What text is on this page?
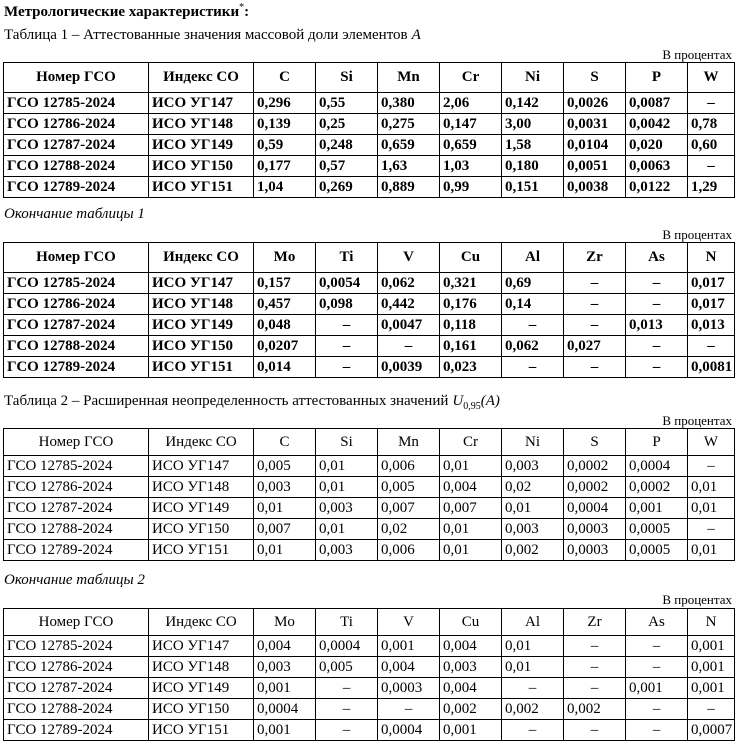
Метрологические характеристики*:
Таблица 1 – Аттестованные значения массовой доли элементов A
В процентах
Номер ГСО	Индекс СО	C	Si	Mn	Cr	Ni	S	P	W
ГСО 12785-2024	ИСО УГ147	0,296	0,55	0,380	2,06	0,142	0,0026	0,0087	–
ГСО 12786-2024	ИСО УГ148	0,139	0,25	0,275	0,147	3,00	0,0031	0,0042	0,78
ГСО 12787-2024	ИСО УГ149	0,59	0,248	0,659	0,659	1,58	0,0104	0,020	0,60
ГСО 12788-2024	ИСО УГ150	0,177	0,57	1,63	1,03	0,180	0,0051	0,0063	–
ГСО 12789-2024	ИСО УГ151	1,04	0,269	0,889	0,99	0,151	0,0038	0,0122	1,29
Окончание таблицы 1
В процентах
Номер ГСО	Индекс СО	Mo	Ti	V	Cu	Al	Zr	As	N
ГСО 12785-2024	ИСО УГ147	0,157	0,0054	0,062	0,321	0,69	–	–	0,017
ГСО 12786-2024	ИСО УГ148	0,457	0,098	0,442	0,176	0,14	–	–	0,017
ГСО 12787-2024	ИСО УГ149	0,048	–	0,0047	0,118	–	–	0,013	0,013
ГСО 12788-2024	ИСО УГ150	0,0207	–	–	0,161	0,062	0,027	–	–
ГСО 12789-2024	ИСО УГ151	0,014	–	0,0039	0,023	–	–	–	0,0081
Таблица 2 – Расширенная неопределенность аттестованных значений $U_{0,95}(A)$
В процентах
Номер ГСО	Индекс СО	C	Si	Mn	Cr	Ni	S	P	W
ГСО 12785-2024	ИСО УГ147	0,005	0,01	0,006	0,01	0,003	0,0002	0,0004	–
ГСО 12786-2024	ИСО УГ148	0,003	0,01	0,005	0,004	0,02	0,0002	0,0002	0,01
ГСО 12787-2024	ИСО УГ149	0,01	0,003	0,007	0,007	0,01	0,0004	0,001	0,01
ГСО 12788-2024	ИСО УГ150	0,007	0,01	0,02	0,01	0,003	0,0003	0,0005	–
ГСО 12789-2024	ИСО УГ151	0,01	0,003	0,006	0,01	0,002	0,0003	0,0005	0,01
Окончание таблицы 2
В процентах
Номер ГСО	Индекс СО	Mo	Ti	V	Cu	Al	Zr	As	N
ГСО 12785-2024	ИСО УГ147	0,004	0,0004	0,001	0,004	0,01	–	–	0,001
ГСО 12786-2024	ИСО УГ148	0,003	0,005	0,004	0,003	0,01	–	–	0,001
ГСО 12787-2024	ИСО УГ149	0,001	–	0,0003	0,004	–	–	0,001	0,001
ГСО 12788-2024	ИСО УГ150	0,0004	–	–	0,002	0,002	0,002	–	–
ГСО 12789-2024	ИСО УГ151	0,001	–	0,0004	0,001	–	–	–	0,0007
